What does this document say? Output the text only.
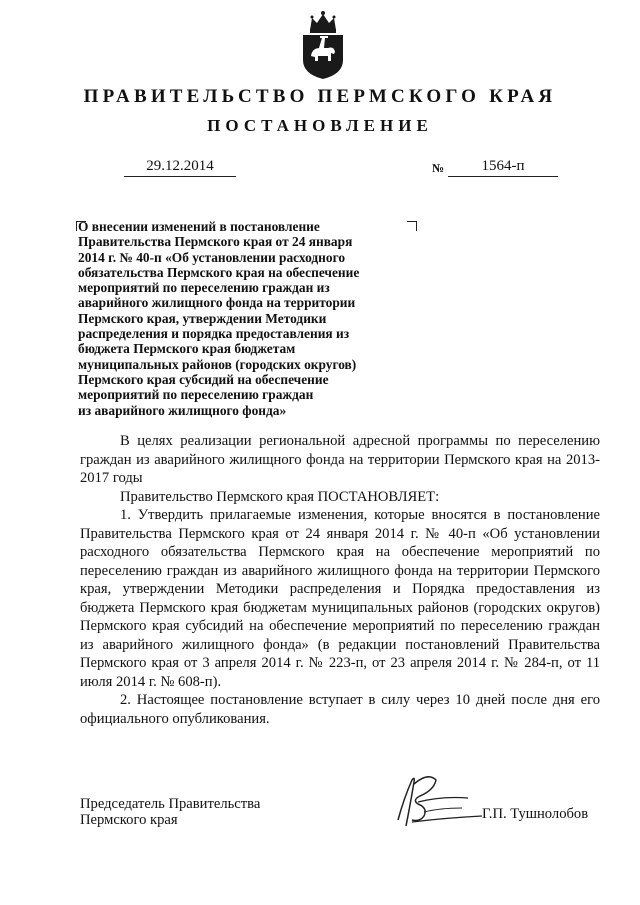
ПРАВИТЕЛЬСТВО ПЕРМСКОГО КРАЯ
ПОСТАНОВЛЕНИЕ
29.12.2014	№	1564-п
О внесении изменений в постановление
Правительства Пермского края от 24 января
2014 г. № 40-п «Об установлении расходного
обязательства Пермского края на обеспечение
мероприятий по переселению граждан из
аварийного жилищного фонда на территории
Пермского края, утверждении Методики
распределения и порядка предоставления из
бюджета Пермского края бюджетам
муниципальных районов (городских округов)
Пермского края субсидий на обеспечение
мероприятий по переселению граждан
из аварийного жилищного фонда»

В целях реализации региональной адресной программы по переселению граждан из аварийного жилищного фонда на территории Пермского края на 2013-2017 годы

Правительство Пермского края ПОСТАНОВЛЯЕТ:

1. Утвердить прилагаемые изменения, которые вносятся в постановление Правительства Пермского края от 24 января 2014 г. № 40-п «Об установлении расходного обязательства Пермского края на обеспечение мероприятий по переселению граждан из аварийного жилищного фонда на территории Пермского края, утверждении Методики распределения и Порядка предоставления из бюджета Пермского края бюджетам муниципальных районов (городских округов) Пермского края субсидий на обеспечение мероприятий по переселению граждан из аварийного жилищного фонда» (в редакции постановлений Правительства Пермского края от 3 апреля 2014 г. № 223-п, от 23 апреля 2014 г. № 284-п, от 11 июля 2014 г. № 608-п).

2. Настоящее постановление вступает в силу через 10 дней после дня его официального опубликования.

Председатель Правительства
Пермского края	Г.П. Тушнолобов
